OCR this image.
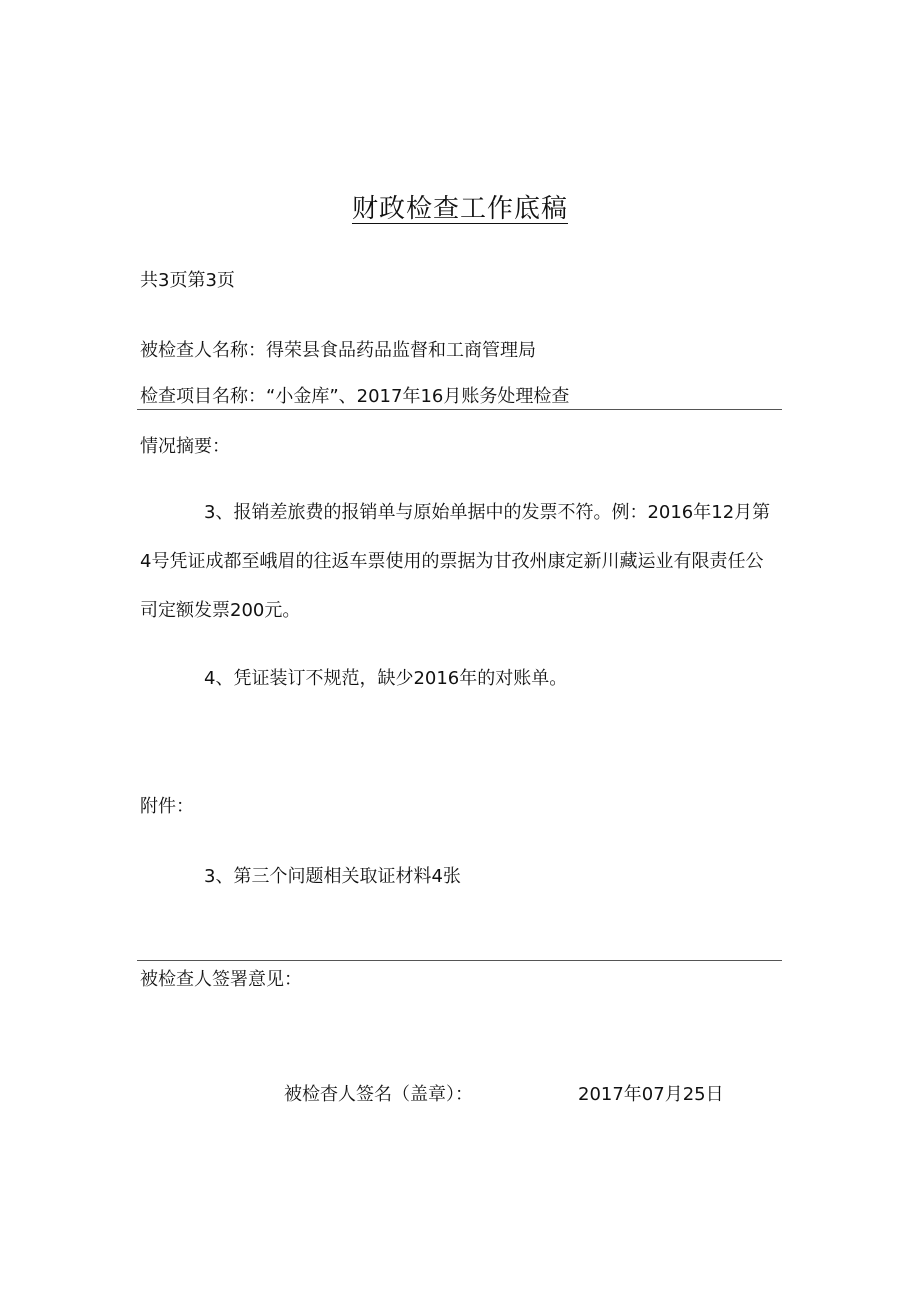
财政检查工作底稿
共3页第3页
被检查人名称：得荣县食品药品监督和工商管理局
检查项目名称：“小金库”、2017年16月账务处理检查
情况摘要：
3、报销差旅费的报销单与原始单据中的发票不符。例：2016年12月第4号凭证成都至峨眉的往返车票使用的票据为甘孜州康定新川藏运业有限责任公司定额发票200元。
4、凭证装订不规范，缺少2016年的对账单。
附件：
3、第三个问题相关取证材料4张
被检查人签署意见：
被检杳人签名（盖章）：	2017年07月25日
